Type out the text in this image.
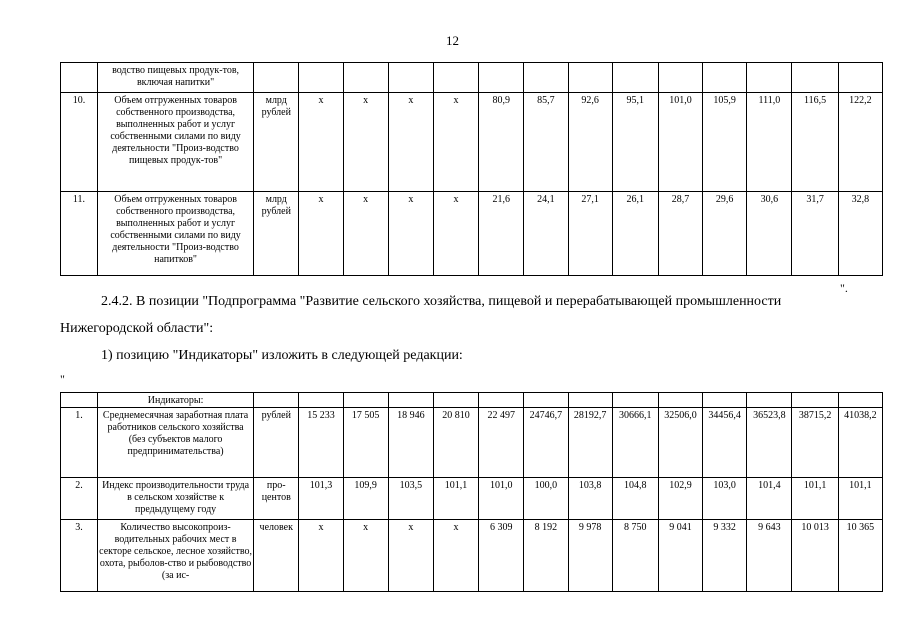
12
	водство пищевых продук-тов, включая напитки"														
10.	Объем отгруженных товаров собственного производства, выполненных работ и услуг собственными силами по виду деятельности "Произ-водство пищевых продук-тов"	млрд рублей	х	х	х	х	80,9	85,7	92,6	95,1	101,0	105,9	111,0	116,5	122,2
11.	Объем отгруженных товаров собственного производства, выполненных работ и услуг собственными силами по виду деятельности "Произ-водство напитков"	млрд рублей	х	х	х	х	21,6	24,1	27,1	26,1	28,7	29,6	30,6	31,7	32,8
".
2.4.2. В позиции "Подпрограмма "Развитие сельского хозяйства, пищевой и перерабатывающей промышленности
Нижегородской области":
1) позицию "Индикаторы" изложить в следующей редакции:
"
	Индикаторы:														
1.	Среднемесячная заработная плата работников сельского хозяйства (без субъектов малого предпринимательства)	рублей	15 233	17 505	18 946	20 810	22 497	24746,7	28192,7	30666,1	32506,0	34456,4	36523,8	38715,2	41038,2
2.	Индекс производительности труда в сельском хозяйстве к предыдущему году	про-центов	101,3	109,9	103,5	101,1	101,0	100,0	103,8	104,8	102,9	103,0	101,4	101,1	101,1
3.	Количество высокопроиз-водительных рабочих мест в секторе сельское, лесное хозяйство, охота, рыболов-ство и рыбоводство (за ис-	человек	х	х	х	х	6 309	8 192	9 978	8 750	9 041	9 332	9 643	10 013	10 365
